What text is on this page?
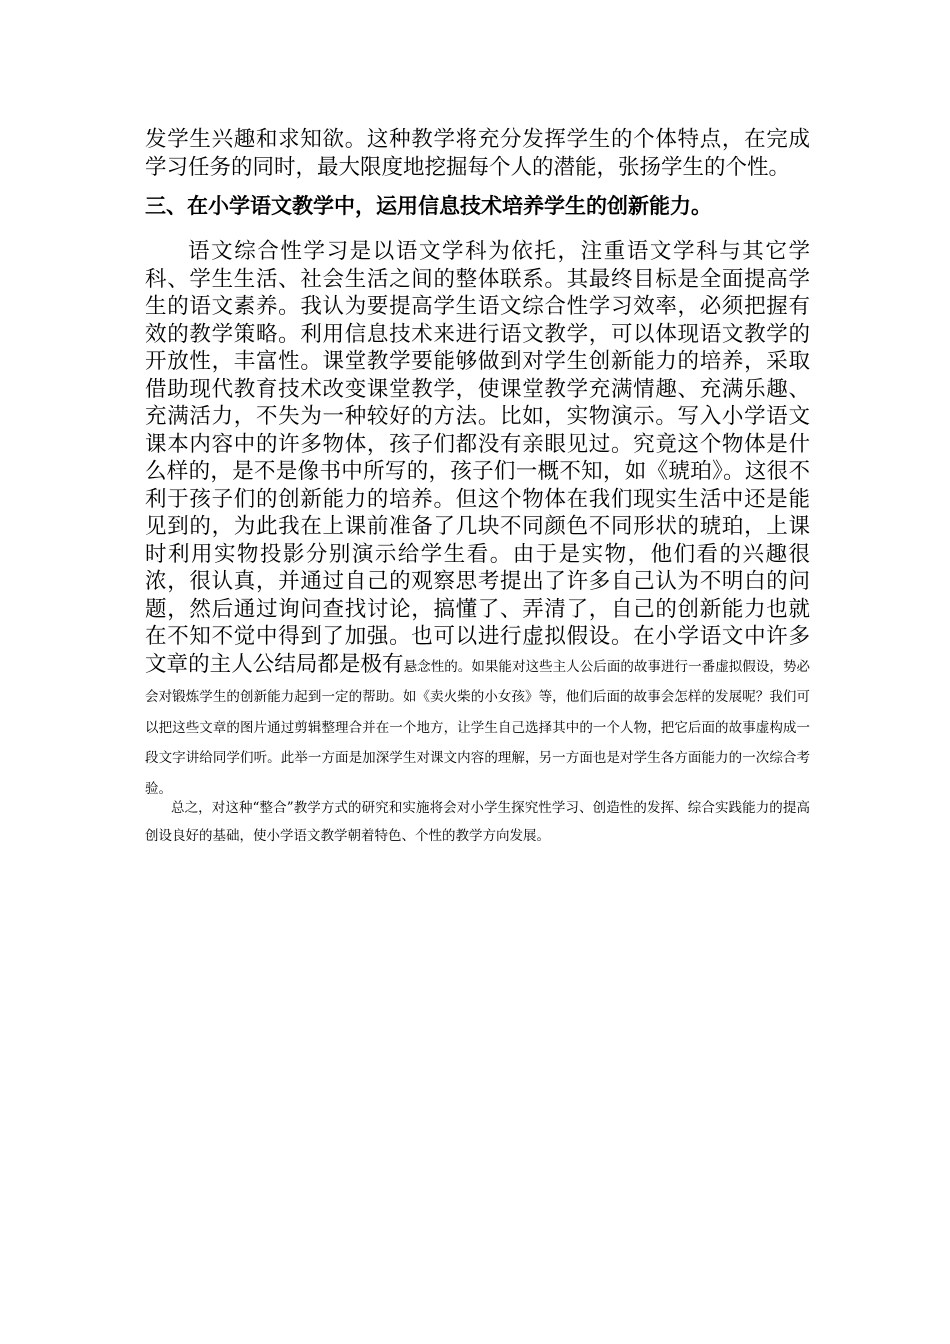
发学生兴趣和求知欲。这种教学将充分发挥学生的个体特点，在完成学习任务的同时，最大限度地挖掘每个人的潜能，张扬学生的个性。

三、在小学语文教学中，运用信息技术培养学生的创新能力。

语文综合性学习是以语文学科为依托，注重语文学科与其它学科、学生生活、社会生活之间的整体联系。其最终目标是全面提高学生的语文素养。我认为要提高学生语文综合性学习效率，必须把握有效的教学策略。利用信息技术来进行语文教学，可以体现语文教学的开放性，丰富性。课堂教学要能够做到对学生创新能力的培养，采取借助现代教育技术改变课堂教学，使课堂教学充满情趣、充满乐趣、充满活力，不失为一种较好的方法。比如，实物演示。写入小学语文课本内容中的许多物体，孩子们都没有亲眼见过。究竟这个物体是什么样的，是不是像书中所写的，孩子们一概不知，如《琥珀》。这很不利于孩子们的创新能力的培养。但这个物体在我们现实生活中还是能见到的，为此我在上课前准备了几块不同颜色不同形状的琥珀，上课时利用实物投影分别演示给学生看。由于是实物，他们看的兴趣很浓，很认真，并通过自己的观察思考提出了许多自己认为不明白的问题，然后通过询问查找讨论，搞懂了、弄清了，自己的创新能力也就在不知不觉中得到了加强。也可以进行虚拟假设。在小学语文中许多文章的主人公结局都是极有悬念性的。如果能对这些主人公后面的故事进行一番虚拟假设，势必会对锻炼学生的创新能力起到一定的帮助。如《卖火柴的小女孩》等，他们后面的故事会怎样的发展呢？我们可以把这些文章的图片通过剪辑整理合并在一个地方，让学生自己选择其中的一个人物，把它后面的故事虚构成一段文字讲给同学们听。此举一方面是加深学生对课文内容的理解，另一方面也是对学生各方面能力的一次综合考验。

总之，对这种“整合”教学方式的研究和实施将会对小学生探究性学习、创造性的发挥、综合实践能力的提高创设良好的基础，使小学语文教学朝着特色、个性的教学方向发展。
